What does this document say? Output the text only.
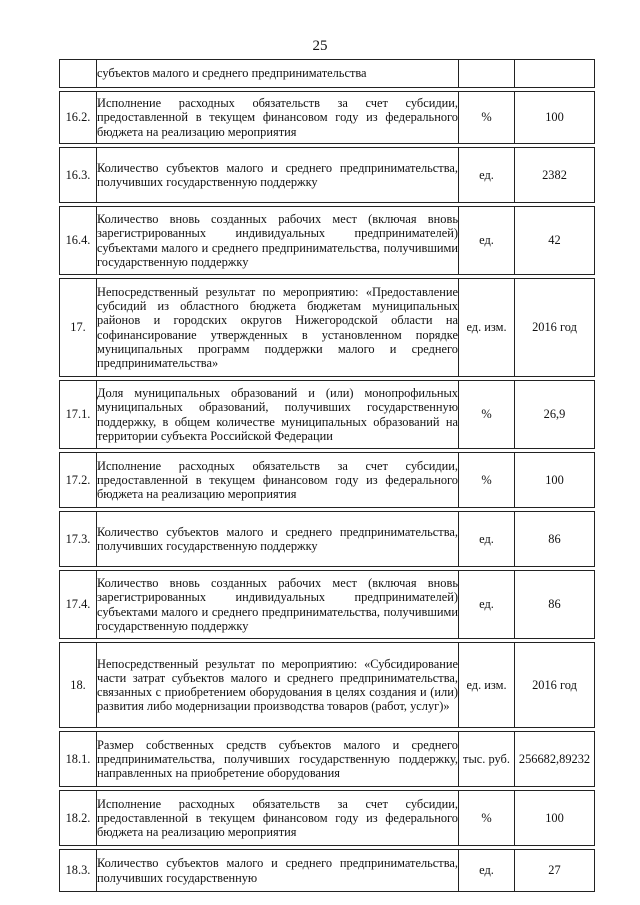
25
	субъектов малого и среднего предпринимательства		

16.2.	Исполнение расходных обязательств за счет субсидии, предоставленной в текущем финансовом году из федерального бюджета на реализацию мероприятия	%	100

16.3.	Количество субъектов малого и среднего предпринимательства, получивших государственную поддержку	ед.	2382

16.4.	Количество вновь созданных рабочих мест (включая вновь зарегистрированных индивидуальных предпринимателей) субъектами малого и среднего предпринимательства, получившими государственную поддержку	ед.	42

17.	Непосредственный результат по мероприятию: «Предоставление субсидий из областного бюджета бюджетам муниципальных районов и городских округов Нижегородской области на софинансирование утвержденных в установленном порядке муниципальных программ поддержки малого и среднего предпринимательства»	ед. изм.	2016 год

17.1.	Доля муниципальных образований и (или) монопрофильных муниципальных образований, получивших государственную поддержку, в общем количестве муниципальных образований на территории субъекта Российской Федерации	%	26,9

17.2.	Исполнение расходных обязательств за счет субсидии, предоставленной в текущем финансовом году из федерального бюджета на реализацию мероприятия	%	100

17.3.	Количество субъектов малого и среднего предпринимательства, получивших государственную поддержку	ед.	86

17.4.	Количество вновь созданных рабочих мест (включая вновь зарегистрированных индивидуальных предпринимателей) субъектами малого и среднего предпринимательства, получившими государственную поддержку	ед.	86

18.	Непосредственный результат по мероприятию: «Субсидирование части затрат субъектов малого и среднего предпринимательства, связанных с приобретением оборудования в целях создания и (или) развития либо модернизации производства товаров (работ, услуг)»	ед. изм.	2016 год

18.1.	Размер собственных средств субъектов малого и среднего предпринимательства, получивших государственную поддержку, направленных на приобретение оборудования	тыс. руб.	256682,89232

18.2.	Исполнение расходных обязательств за счет субсидии, предоставленной в текущем финансовом году из федерального бюджета на реализацию мероприятия	%	100

18.3.	Количество субъектов малого и среднего предпринимательства, получивших государственную	ед.	27
